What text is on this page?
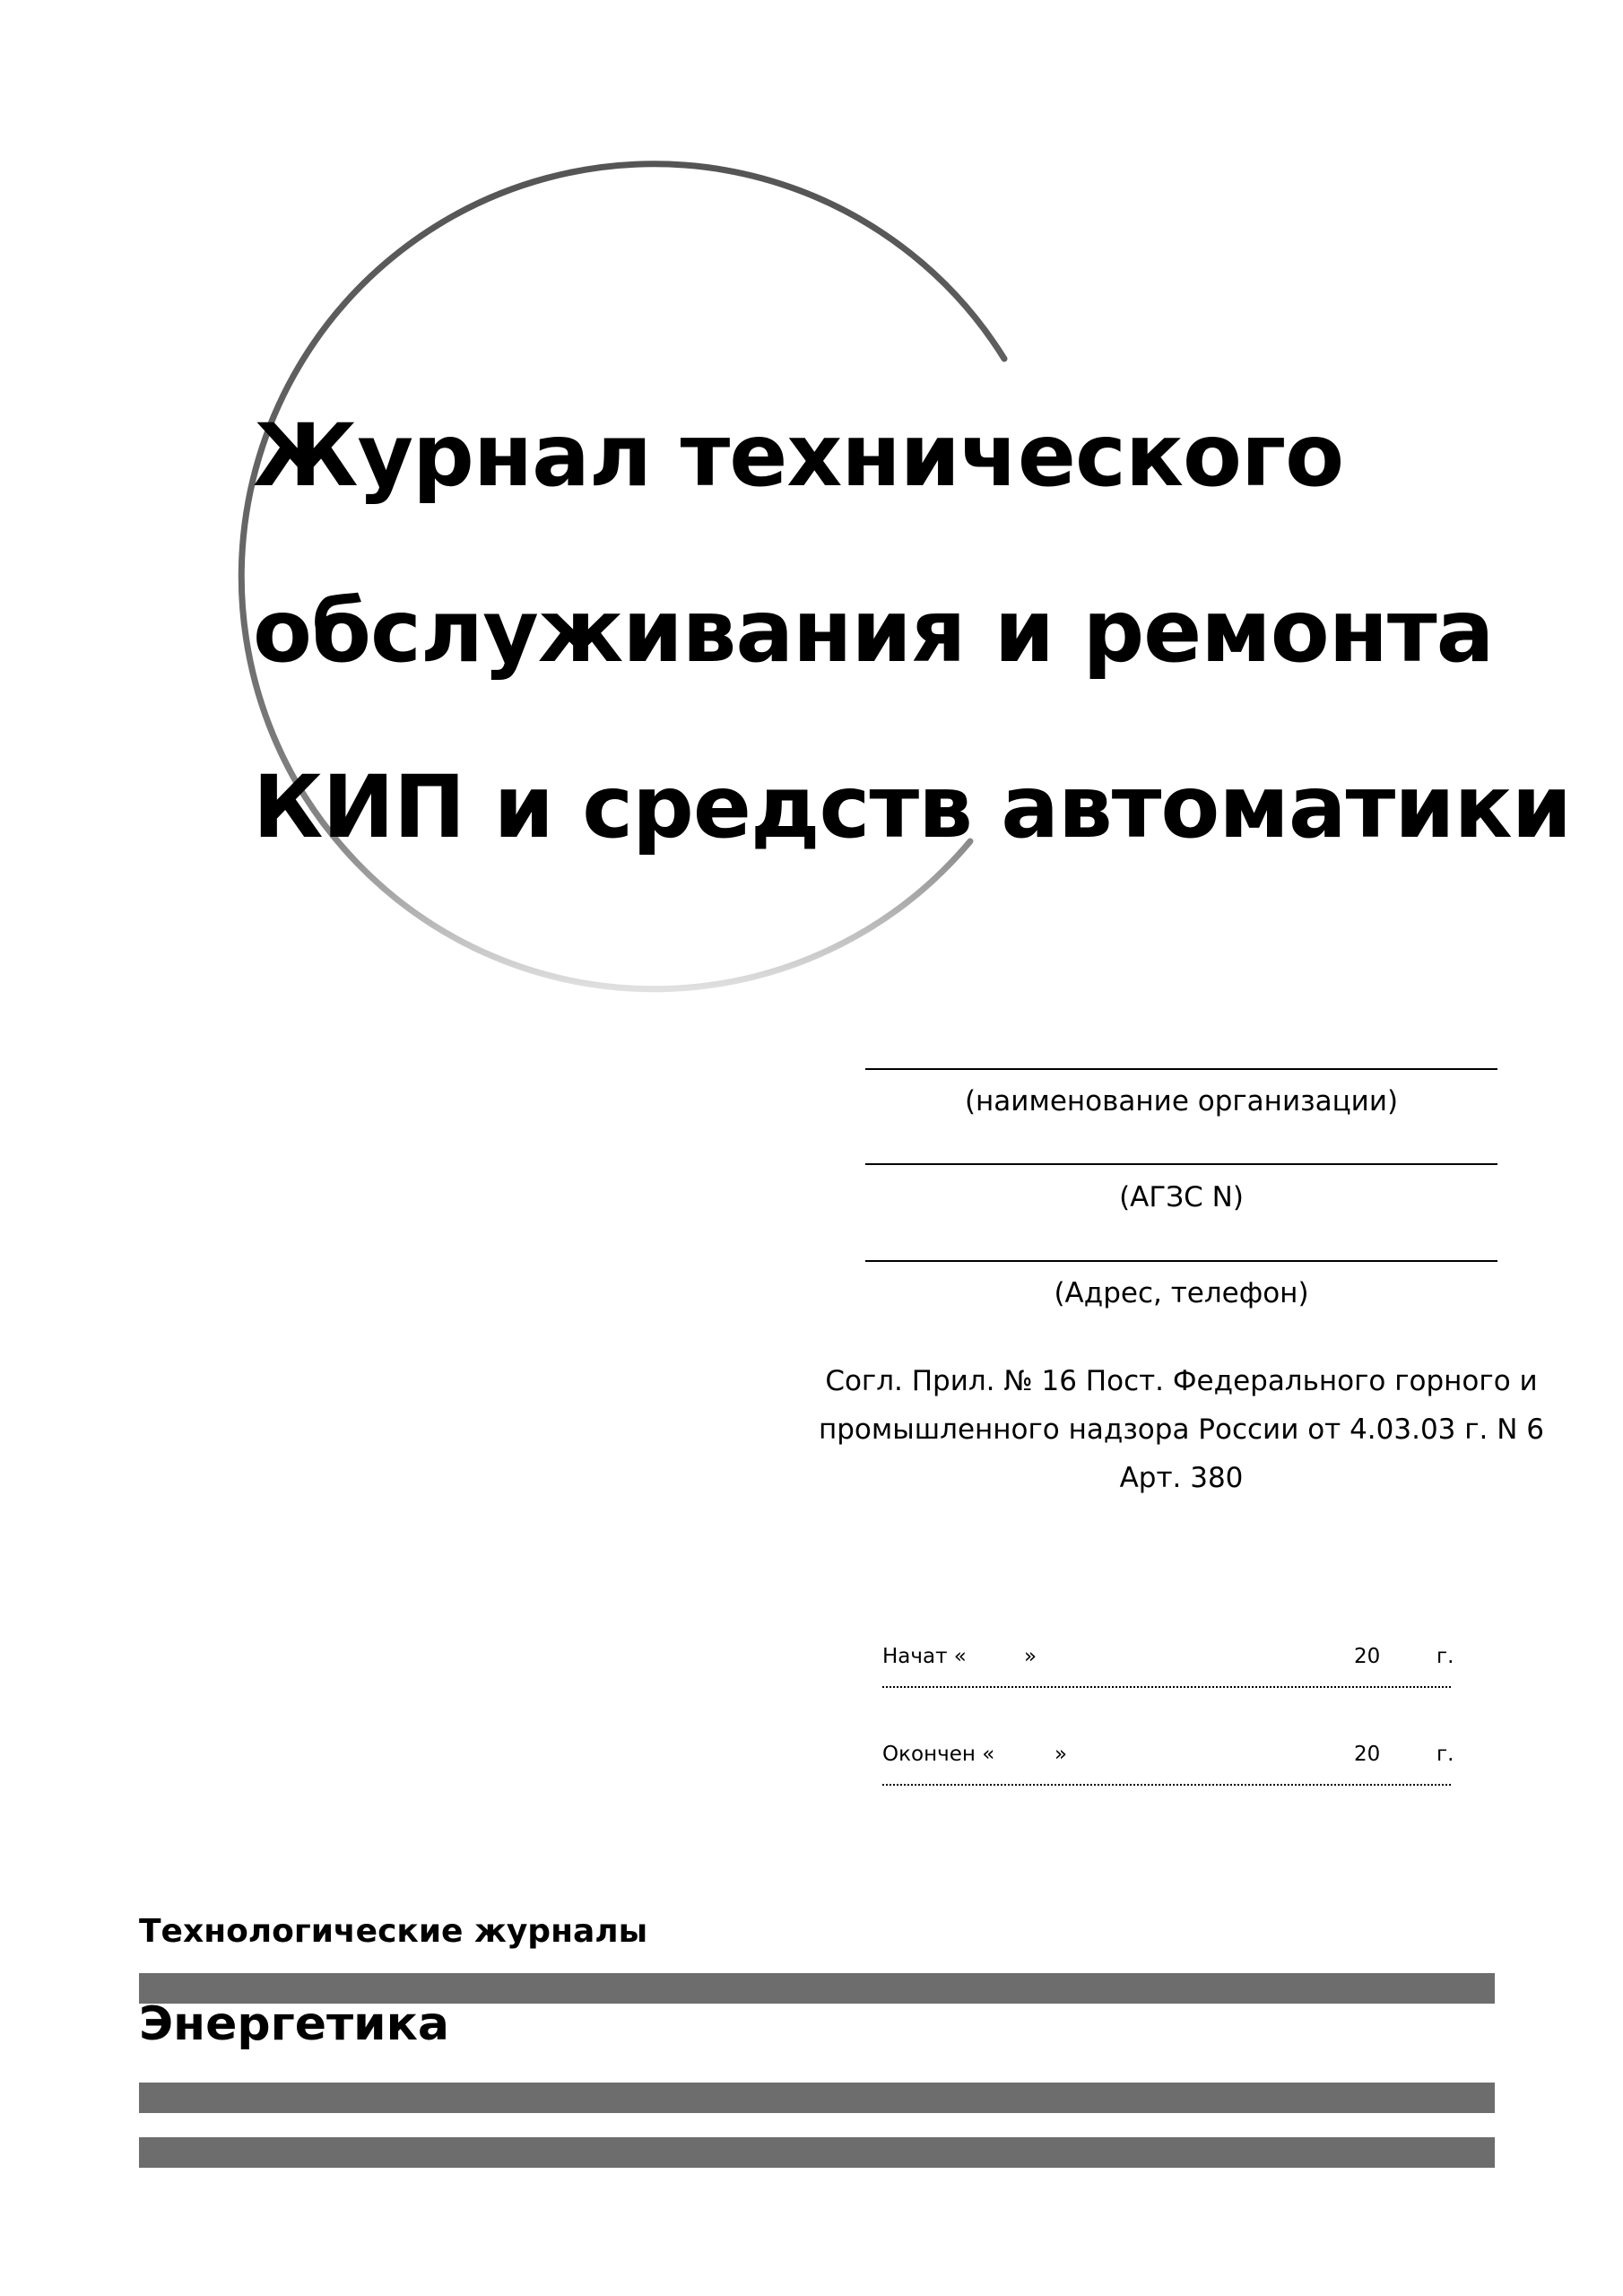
Журнал технического
обслуживания и ремонта
КИП и средств автоматики
(наименование организации)
(АГЗС N)
(Адрес, телефон)
Согл. Прил. № 16 Пост. Федерального горного и
промышленного надзора России от 4.03.03 г. N 6
Арт. 380
Начат «	»	20	г.
Окончен «	»	20	г.

Технологические журналы

Энергетика
